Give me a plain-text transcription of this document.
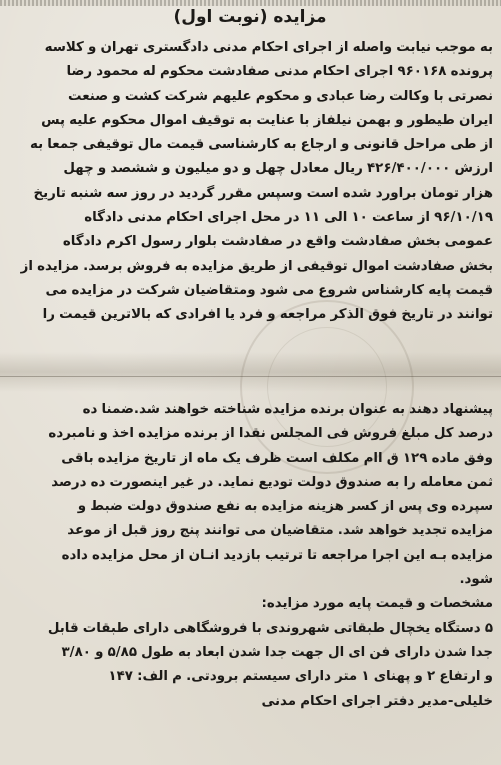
مزایده (نوبت اول)
به موجب نیابت واصله از اجرای احکام مدنی دادگستری تهران و کلاسه
پرونده ۹۶۰۱۶۸ اجرای احکام مدنی صفادشت محکوم له محمود رضا
نصرتی با وکالت رضا عبادی و محکوم علیهم شرکت کشت و صنعت
ایران طیطور و بهمن نیلفاز با عنایت به توقیف اموال محکوم علیه پس
از طی مراحل قانونی و ارجاع به کارشناسی قیمت مال توقیفی جمعا به
ارزش ۴۲۶/۴۰۰/۰۰۰ ریال معادل چهل و دو میلیون و ششصد و چهل
هزار تومان براورد شده است وسپس مقرر گردید در روز سه شنبه تاریخ
۹۶/۱۰/۱۹ از ساعت ۱۰ الی ۱۱ در محل اجرای احکام مدنی دادگاه
عمومی بخش صفادشت واقع در صفادشت بلوار رسول اکرم دادگاه
بخش صفادشت اموال توقیفی از طریق مزایده به فروش برسد. مزایده از
قیمت پایه کارشناس شروع می شود ومتقاضیان شرکت در مزایده می
توانند در تاریخ فوق الذکر مراجعه و فرد یا افرادی که بالاترین قیمت را
پیشنهاد دهند به عنوان برنده مزایده شناخته خواهند شد.ضمنا ده
درصد کل مبلغ فروش فی المجلس نقدا از برنده مزایده اخذ و نامبرده
وفق ماده ۱۲۹ ق اام مکلف است ظرف یک ماه از تاریخ مزایده باقی
ثمن معامله را به صندوق دولت تودیع نماید. در غیر اینصورت ده درصد
سپرده وی پس از کسر هزینه مزایده به نفع صندوق دولت ضبط و
مزایده تجدید خواهد شد. متقاضیان می توانند پنج روز قبل از موعد
مزایده بـه این اجرا مراجعه تا ترتیب بازدید انـان از محل مزایده داده
شود.
مشخصات و قیمت پایه مورد مزایده:
۵ دستگاه یخچال طبقاتی شهروندی با فروشگاهی دارای طبقات قابل
جدا شدن دارای فن ای ال جهت جدا شدن ابعاد به طول ۵/۸۵ و ۳/۸۰
و ارتفاع ۲ و پهنای ۱ متر دارای سیستم برودتی. م الف: ۱۴۷
خلیلی-مدیر دفتر اجرای احکام مدنی
